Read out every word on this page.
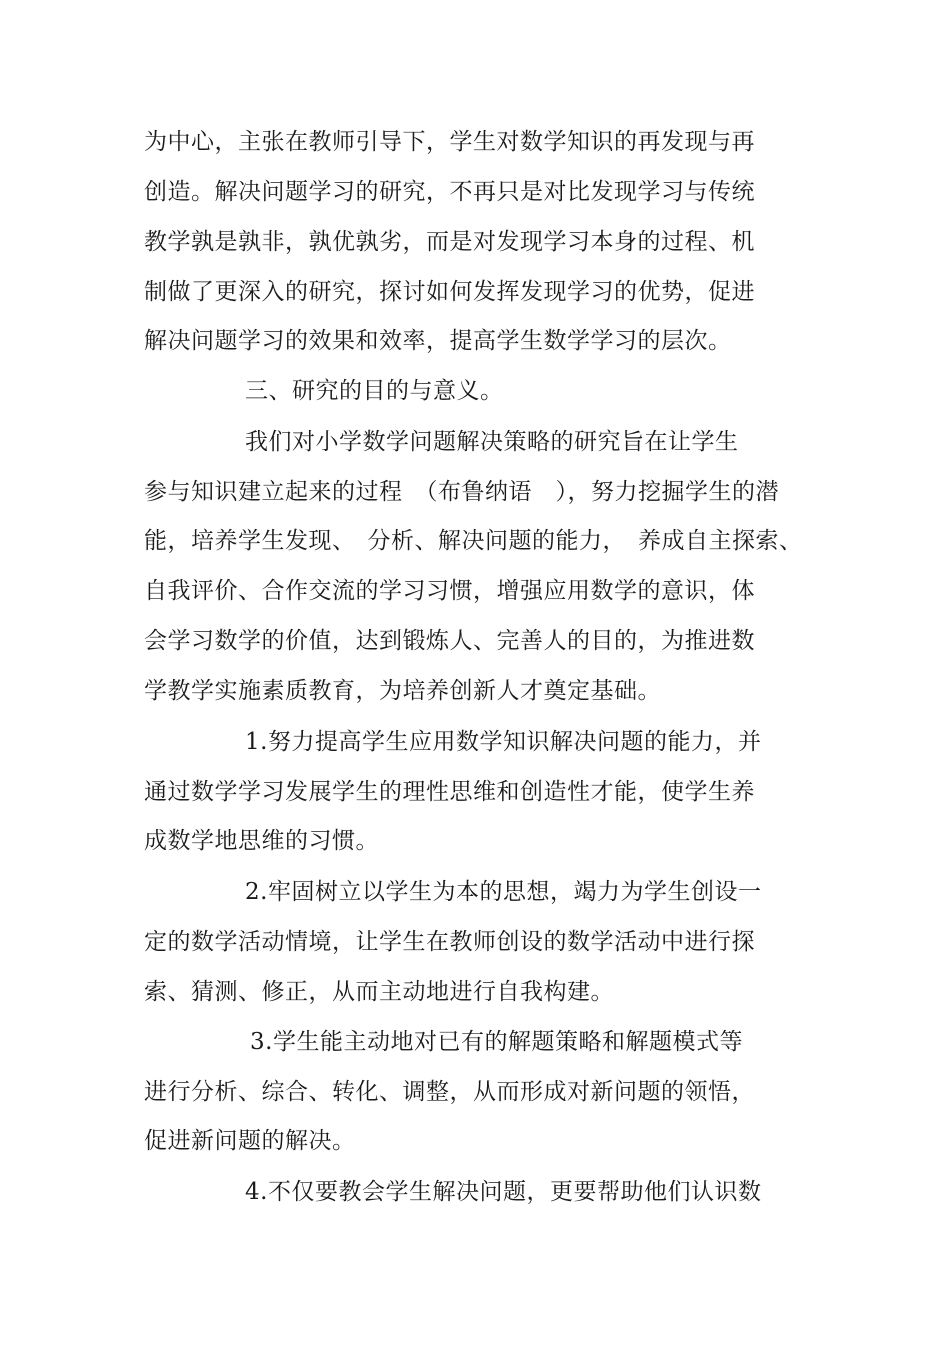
为中心，主张在教师引导下，学生对数学知识的再发现与再
创造。解决问题学习的研究，不再只是对比发现学习与传统
教学孰是孰非，孰优孰劣，而是对发现学习本身的过程、机
制做了更深入的研究，探讨如何发挥发现学习的优势，促进
解决问题学习的效果和效率，提高学生数学学习的层次。
三、研究的目的与意义。
我们对小学数学问题解决策略的研究旨在让学生
参与知识建立起来的过程　（布鲁纳语　），努力挖掘学生的潜
能，培养学生发现、　分析、解决问题的能力，　养成自主探索、
自我评价、合作交流的学习习惯，增强应用数学的意识，体
会学习数学的价值，达到锻炼人、完善人的目的，为推进数
学教学实施素质教育，为培养创新人才奠定基础。
1.努力提高学生应用数学知识解决问题的能力，并
通过数学学习发展学生的理性思维和创造性才能，使学生养
成数学地思维的习惯。
2.牢固树立以学生为本的思想，竭力为学生创设一
定的数学活动情境，让学生在教师创设的数学活动中进行探
索、猜测、修正，从而主动地进行自我构建。
3.学生能主动地对已有的解题策略和解题模式等
进行分析、综合、转化、调整，从而形成对新问题的领悟，
促进新问题的解决。
4.不仅要教会学生解决问题，更要帮助他们认识数
